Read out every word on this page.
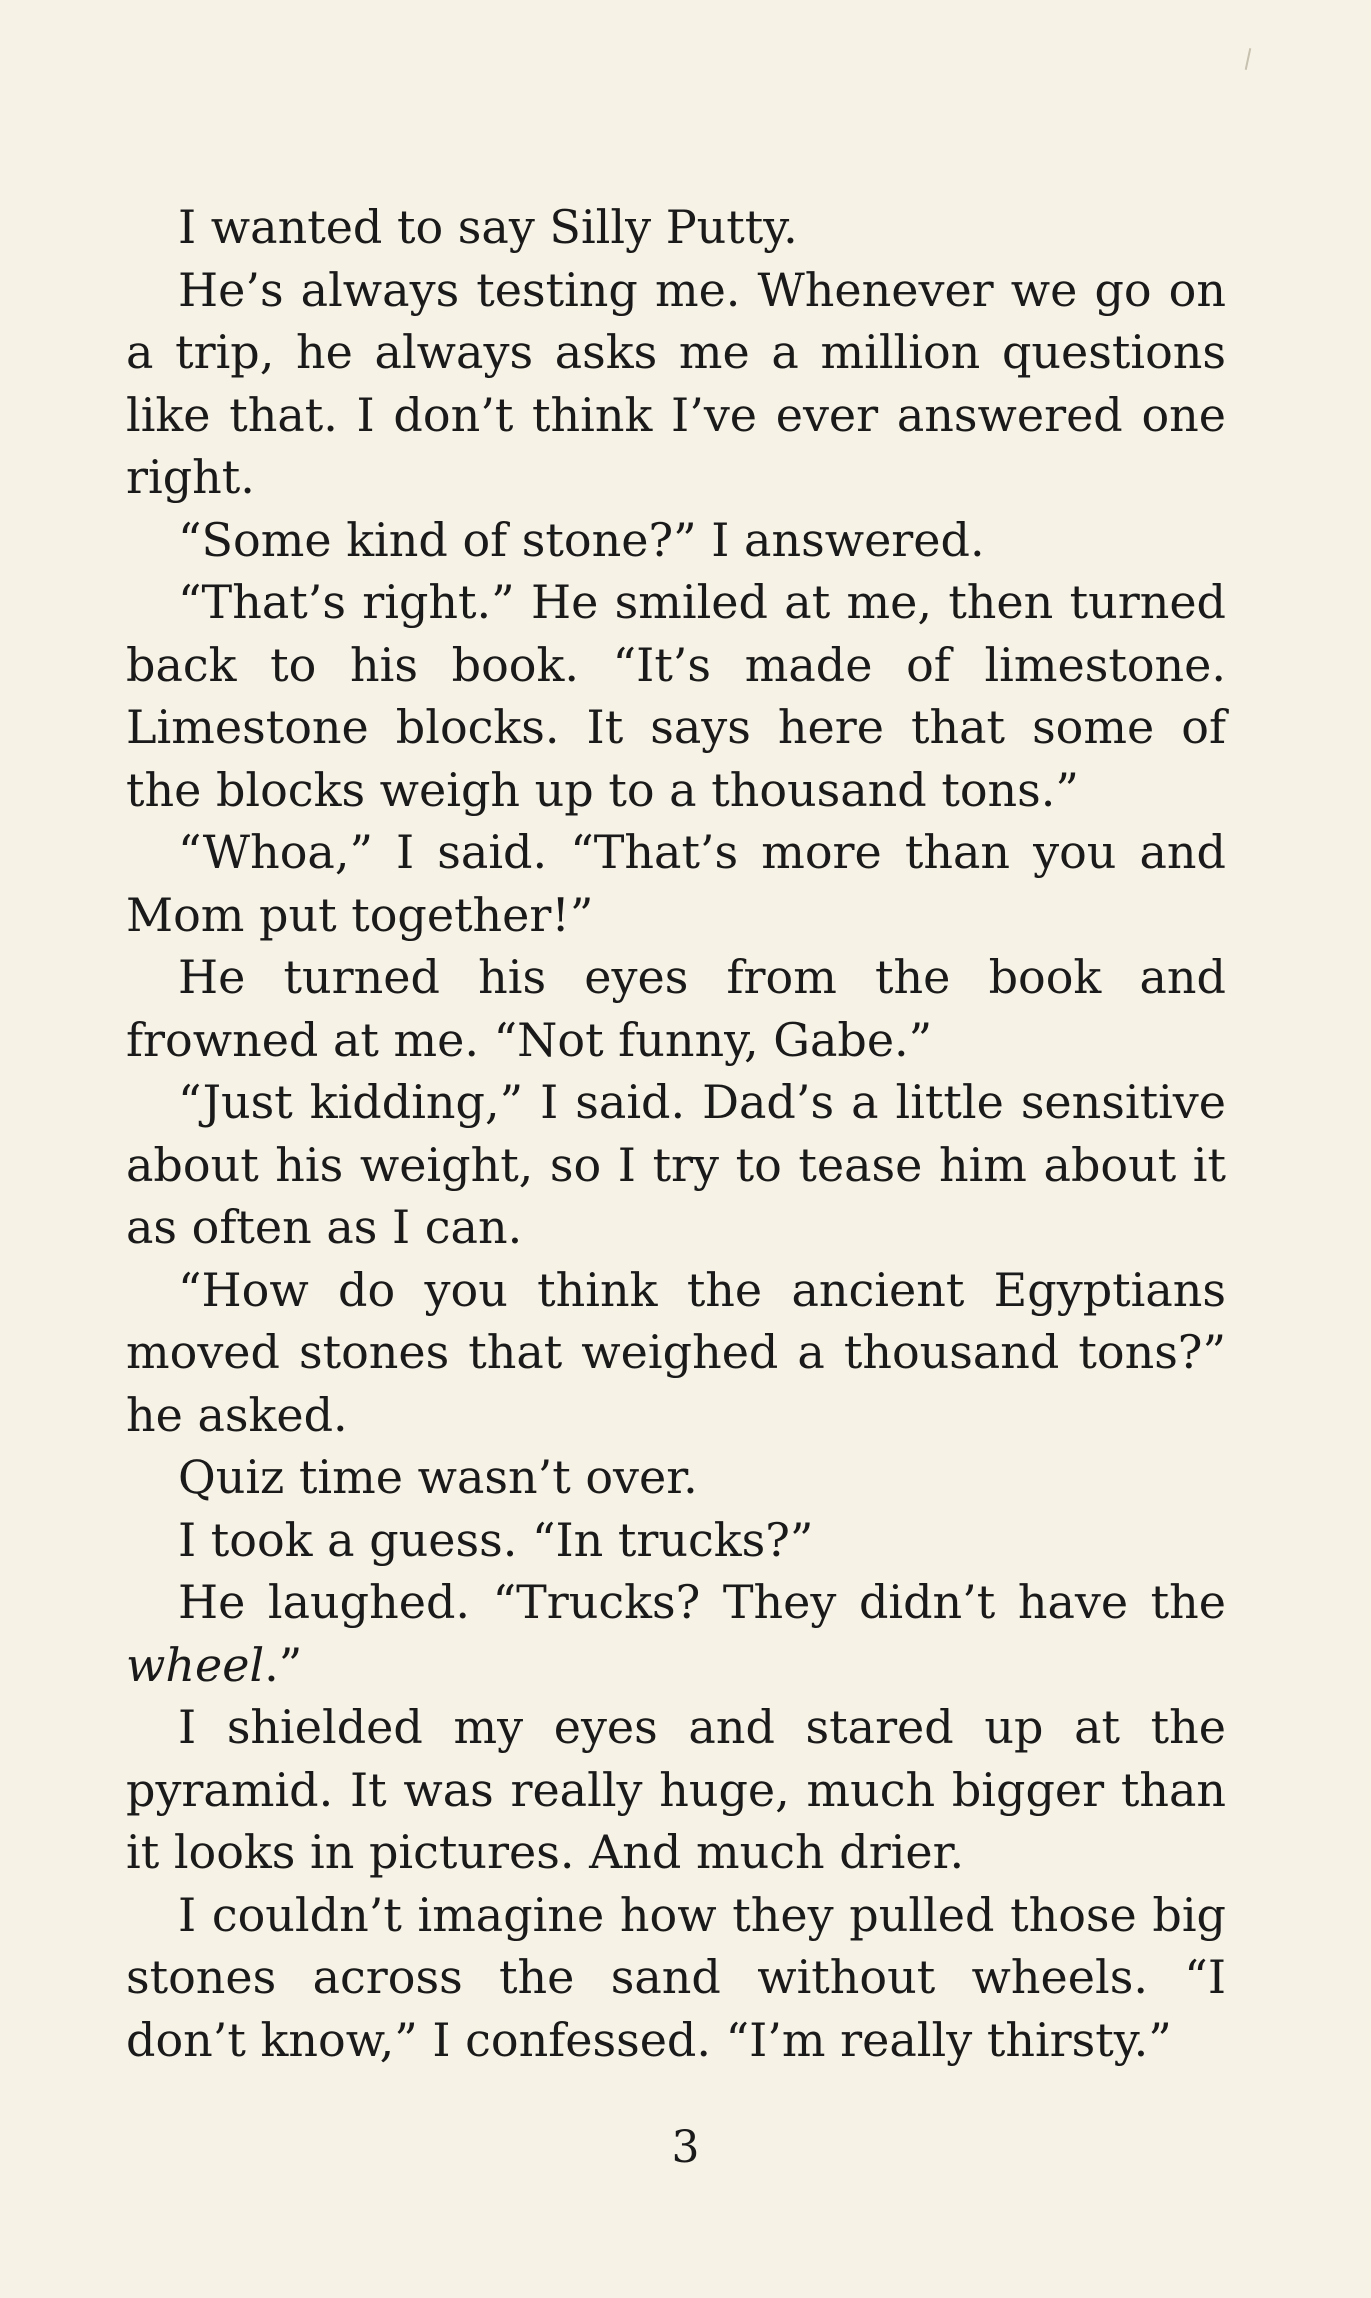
I wanted to say Silly Putty.

He’s always testing me. Whenever we go on a trip, he always asks me a million questions like that. I don’t think I’ve ever answered one right.

“Some kind of stone?” I answered.

“That’s right.” He smiled at me, then turned back to his book. “It’s made of limestone. Limestone blocks. It says here that some of the blocks weigh up to a thousand tons.”

“Whoa,” I said. “That’s more than you and Mom put together!”

He turned his eyes from the book and frowned at me. “Not funny, Gabe.”

“Just kidding,” I said. Dad’s a little sensitive about his weight, so I try to tease him about it as often as I can.

“How do you think the ancient Egyptians moved stones that weighed a thousand tons?” he asked.

Quiz time wasn’t over.

I took a guess. “In trucks?”

He laughed. “Trucks? They didn’t have the wheel.”

I shielded my eyes and stared up at the pyramid. It was really huge, much bigger than it looks in pictures. And much drier.

I couldn’t imagine how they pulled those big stones across the sand without wheels. “I don’t know,” I confessed. “I’m really thirsty.”

3
